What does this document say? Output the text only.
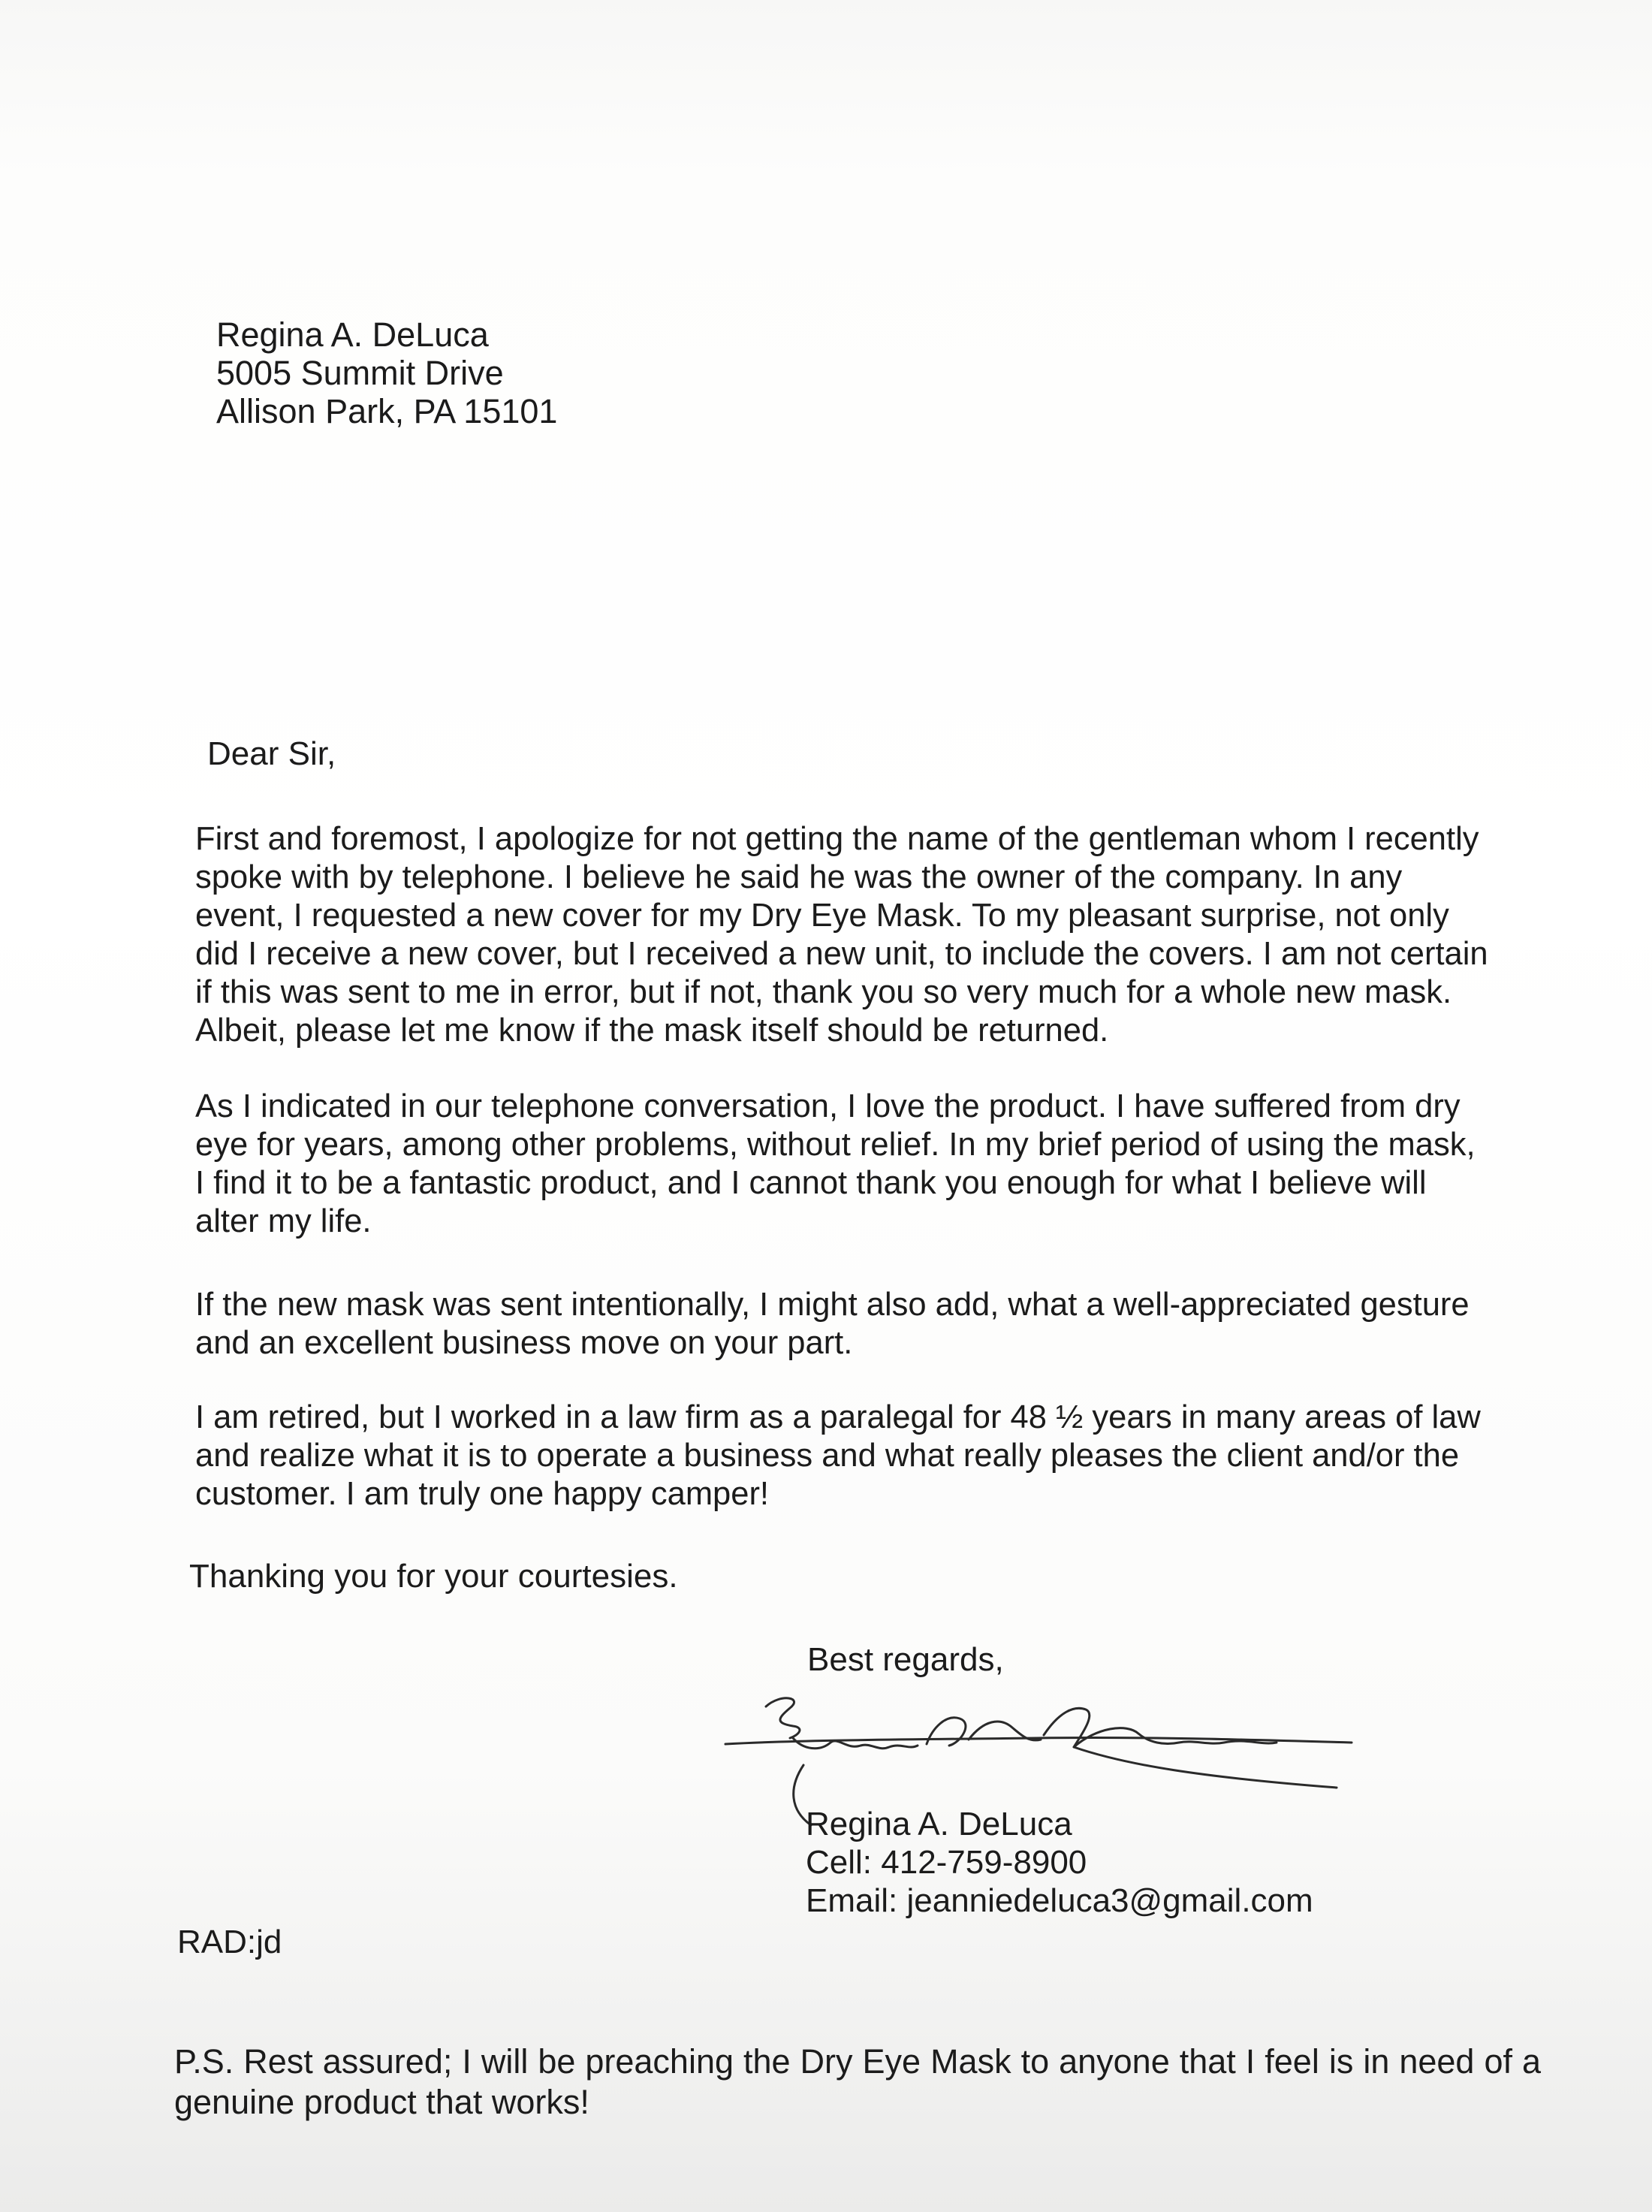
Regina A. DeLuca
5005 Summit Drive
Allison Park, PA 15101
Dear Sir,
First and foremost, I apologize for not getting the name of the gentleman whom I recently
spoke with by telephone. I believe he said he was the owner of the company. In any
event, I requested a new cover for my Dry Eye Mask. To my pleasant surprise, not only
did I receive a new cover, but I received a new unit, to include the covers. I am not certain
if this was sent to me in error, but if not, thank you so very much for a whole new mask.
Albeit, please let me know if the mask itself should be returned.
As I indicated in our telephone conversation, I love the product. I have suffered from dry
eye for years, among other problems, without relief. In my brief period of using the mask,
I find it to be a fantastic product, and I cannot thank you enough for what I believe will
alter my life.
If the new mask was sent intentionally, I might also add, what a well-appreciated gesture
and an excellent business move on your part.
I am retired, but I worked in a law firm as a paralegal for 48 ½ years in many areas of law
and realize what it is to operate a business and what really pleases the client and/or the
customer. I am truly one happy camper!
Thanking you for your courtesies.
Best regards,
Regina A. DeLuca
Cell: 412-759-8900
Email: jeanniedeluca3@gmail.com
RAD:jd
P.S. Rest assured; I will be preaching the Dry Eye Mask to anyone that I feel is in need of a genuine product that works!
